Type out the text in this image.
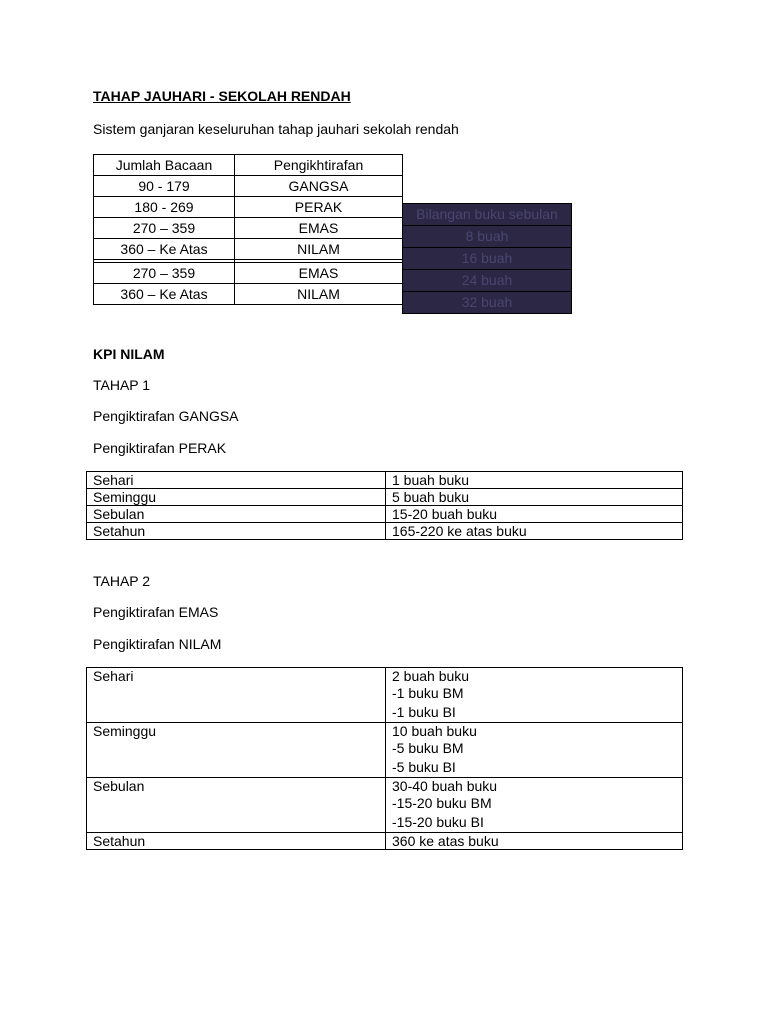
TAHAP JAUHARI - SEKOLAH RENDAH
Sistem ganjaran keseluruhan tahap jauhari sekolah rendah
Jumlah Bacaan	Pengikhtirafan
90 - 179	GANGSA
180 - 269	PERAK
270 – 359	EMAS
360 – Ke Atas	NILAM

270 – 359	EMAS
360 – Ke Atas	NILAM
Bilangan buku sebulan
8 buah
16 buah
24 buah
32 buah
KPI NILAM
TAHAP 1
Pengiktirafan GANGSA
Pengiktirafan PERAK
Sehari	1 buah buku
Seminggu	5 buah buku
Sebulan	15-20 buah buku
Setahun	165-220 ke atas buku
TAHAP 2
Pengiktirafan EMAS
Pengiktirafan NILAM
Sehari	2 buah buku
-1 buku BM
-1 buku BI

Seminggu	10 buah buku
-5 buku BM
-5 buku BI

Sebulan	30-40 buah buku
-15-20 buku BM
-15-20 buku BI

Setahun	360 ke atas buku
